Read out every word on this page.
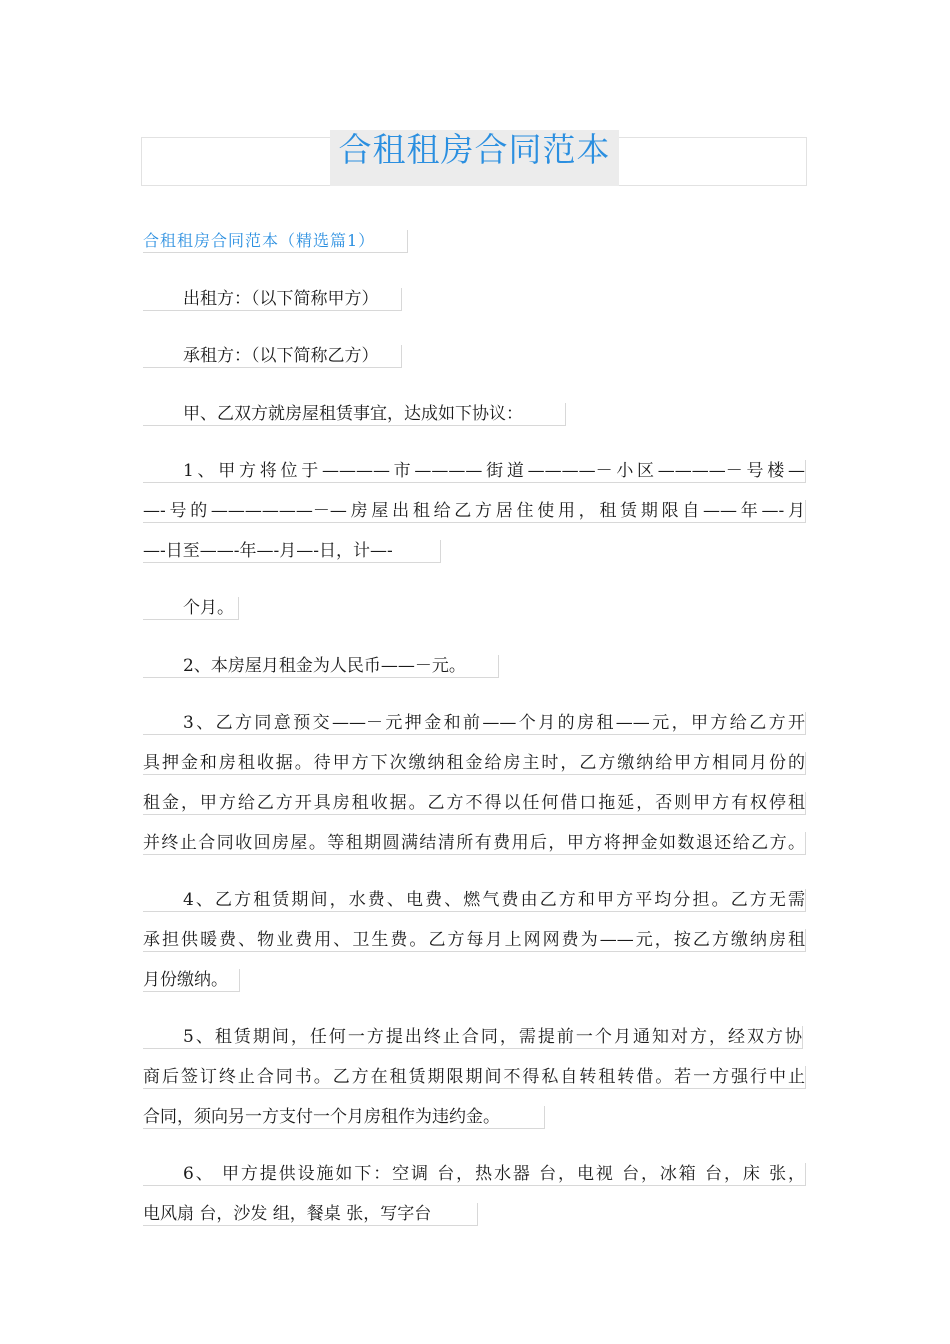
合租租房合同范本
合租租房合同范本（精选篇1）
出租方：（以下简称甲方）
承租方：（以下简称乙方）
甲、乙双方就房屋租赁事宜，达成如下协议：
1、甲方将位于————市————街道————－小区————－号楼—
—-号的——————－—房屋出租给乙方居住使用，租赁期限自——年—-月
—-日至——-年—-月—-日，计—-
个月。
2、本房屋月租金为人民币——－元。
3、乙方同意预交——－元押金和前——个月的房租——元，甲方给乙方开
具押金和房租收据。待甲方下次缴纳租金给房主时，乙方缴纳给甲方相同月份的
租金，甲方给乙方开具房租收据。乙方不得以任何借口拖延，否则甲方有权停租
并终止合同收回房屋。等租期圆满结清所有费用后，甲方将押金如数退还给乙方。
4、乙方租赁期间，水费、电费、燃气费由乙方和甲方平均分担。乙方无需
承担供暖费、物业费用、卫生费。乙方每月上网网费为——元，按乙方缴纳房租
月份缴纳。
5、租赁期间，任何一方提出终止合同，需提前一个月通知对方，经双方协
商后签订终止合同书。乙方在租赁期限期间不得私自转租转借。若一方强行中止
合同，须向另一方支付一个月房租作为违约金。
6、 甲方提供设施如下：空调 台，热水器 台，电视 台，冰箱 台，床 张，
电风扇 台，沙发 组，餐桌 张，写字台
